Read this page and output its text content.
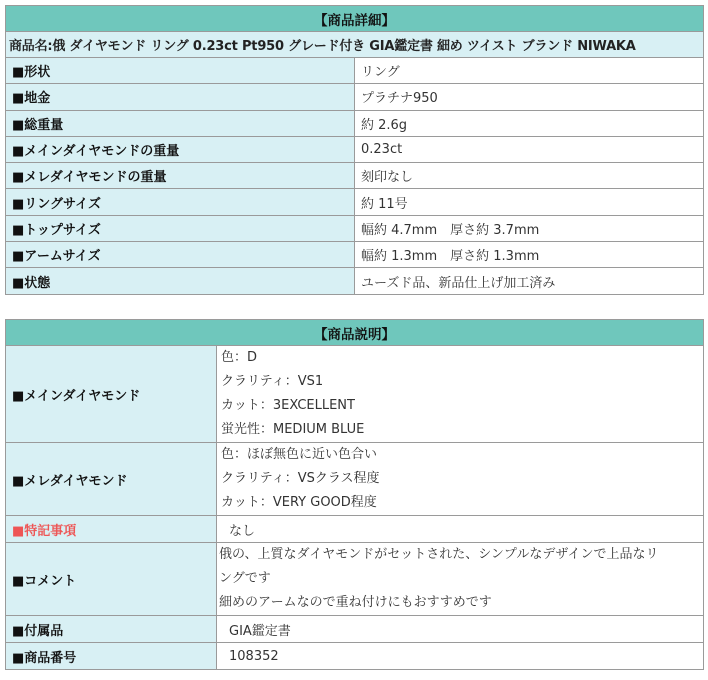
【商品詳細】	
商品名:俄 ダイヤモンド リング 0.23ct Pt950 グレード付き GIA鑑定書 細め ツイスト ブランド NIWAKA	
■形状	リング
■地金	プラチナ950
■総重量	約 2.6g
■メインダイヤモンドの重量	0.23ct
■メレダイヤモンドの重量	刻印なし
■リングサイズ	約 11号
■トップサイズ	幅約 4.7mm　厚さ約 3.7mm
■アームサイズ	幅約 1.3mm　厚さ約 1.3mm
■状態	ユーズド品、新品仕上げ加工済み
【商品説明】	
■メインダイヤモンド	色：D
クラリティ：VS1
カット：3EXCELLENT
蛍光性：MEDIUM BLUE

■メレダイヤモンド	色：ほぼ無色に近い色合い
クラリティ：VSクラス程度
カット：VERY GOOD程度

■特記事項	なし
■コメント	俄の、上質なダイヤモンドがセットされた、シンプルなデザインで上品なリ
ングです
細めのアームなので重ね付けにもおすすめです

■付属品	GIA鑑定書
■商品番号	108352
